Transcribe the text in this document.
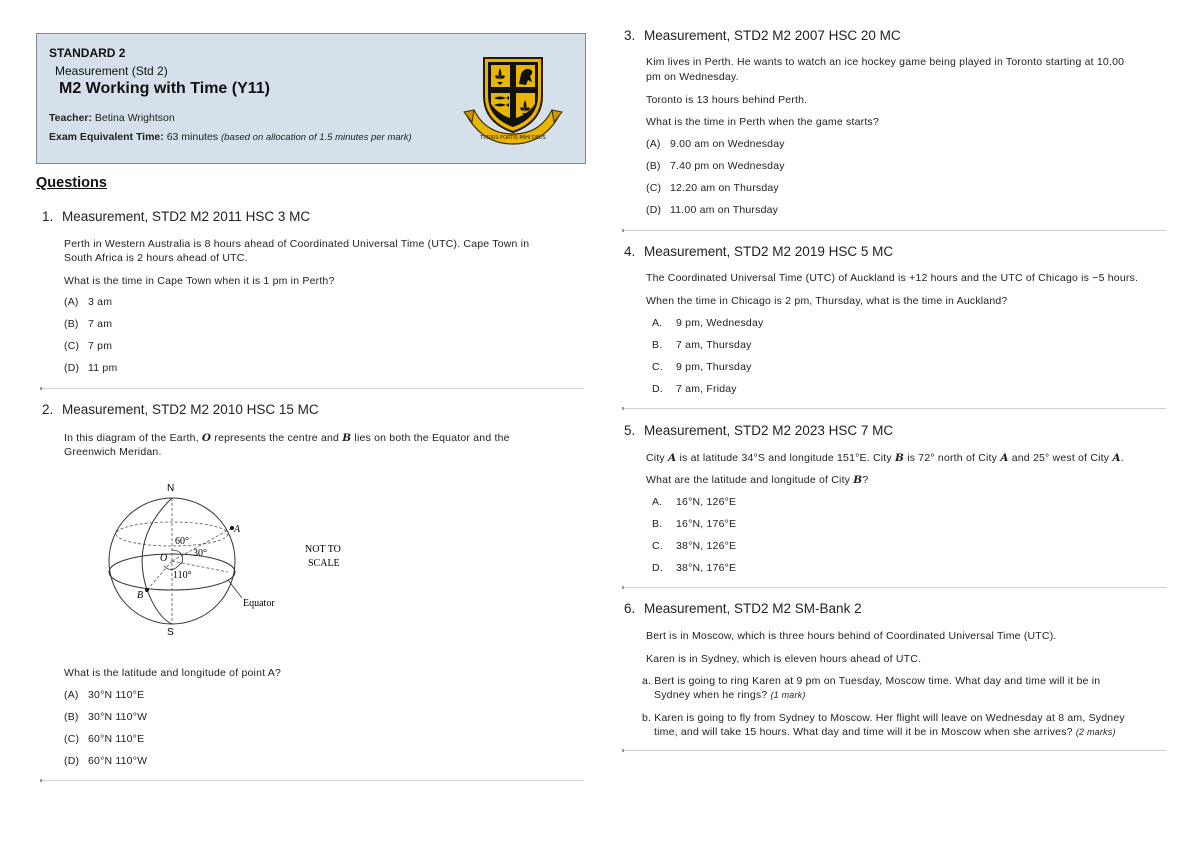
STANDARD 2
Measurement (Std 2)
M2 Working with Time (Y11)
Teacher: Betina Wrightson
Exam Equivalent Time: 63 minutes (based on allocation of 1.5 minutes per mark)	TURRIS FORTIS MIHI DEUS
Questions
1. Measurement, STD2 M2 2011 HSC 3 MC
Perth in Western Australia is 8 hours ahead of Coordinated Universal Time (UTC). Cape Town in
South Africa is 2 hours ahead of UTC.
What is the time in Cape Town when it is 1 pm in Perth?
(A) 3 am
(B) 7 am
(C) 7 pm
(D) 11 pm
2. Measurement, STD2 M2 2010 HSC 15 MC
In this diagram of the Earth, O represents the centre and B lies on both the Equator and the
Greenwich Meridan.
N
S
A
B
O
60°
30°
110°
Equator
NOT TO
SCALE
What is the latitude and longitude of point A?
(A) 30°N 110°E
(B) 30°N 110°W
(C) 60°N 110°E
(D) 60°N 110°W
3. Measurement, STD2 M2 2007 HSC 20 MC
Kim lives in Perth. He wants to watch an ice hockey game being played in Toronto starting at 10.00
pm on Wednesday.
Toronto is 13 hours behind Perth.
What is the time in Perth when the game starts?
(A) 9.00 am on Wednesday
(B) 7.40 pm on Wednesday
(C) 12.20 am on Thursday
(D) 11.00 am on Thursday
4. Measurement, STD2 M2 2019 HSC 5 MC
The Coordinated Universal Time (UTC) of Auckland is +12 hours and the UTC of Chicago is −5 hours.
When the time in Chicago is 2 pm, Thursday, what is the time in Auckland?
A. 9 pm, Wednesday
B. 7 am, Thursday
C. 9 pm, Thursday
D. 7 am, Friday
5. Measurement, STD2 M2 2023 HSC 7 MC
City A is at latitude 34°S and longitude 151°E. City B is 72° north of City A and 25° west of City A.
What are the latitude and longitude of City B?
A. 16°N, 126°E
B. 16°N, 176°E
C. 38°N, 126°E
D. 38°N, 176°E
6. Measurement, STD2 M2 SM-Bank 2
Bert is in Moscow, which is three hours behind of Coordinated Universal Time (UTC).
Karen is in Sydney, which is eleven hours ahead of UTC.
a. Bert is going to ring Karen at 9 pm on Tuesday, Moscow time. What day and time will it be in
Sydney when he rings? (1 mark)
b. Karen is going to fly from Sydney to Moscow. Her flight will leave on Wednesday at 8 am, Sydney
time, and will take 15 hours. What day and time will it be in Moscow when she arrives? (2 marks)
